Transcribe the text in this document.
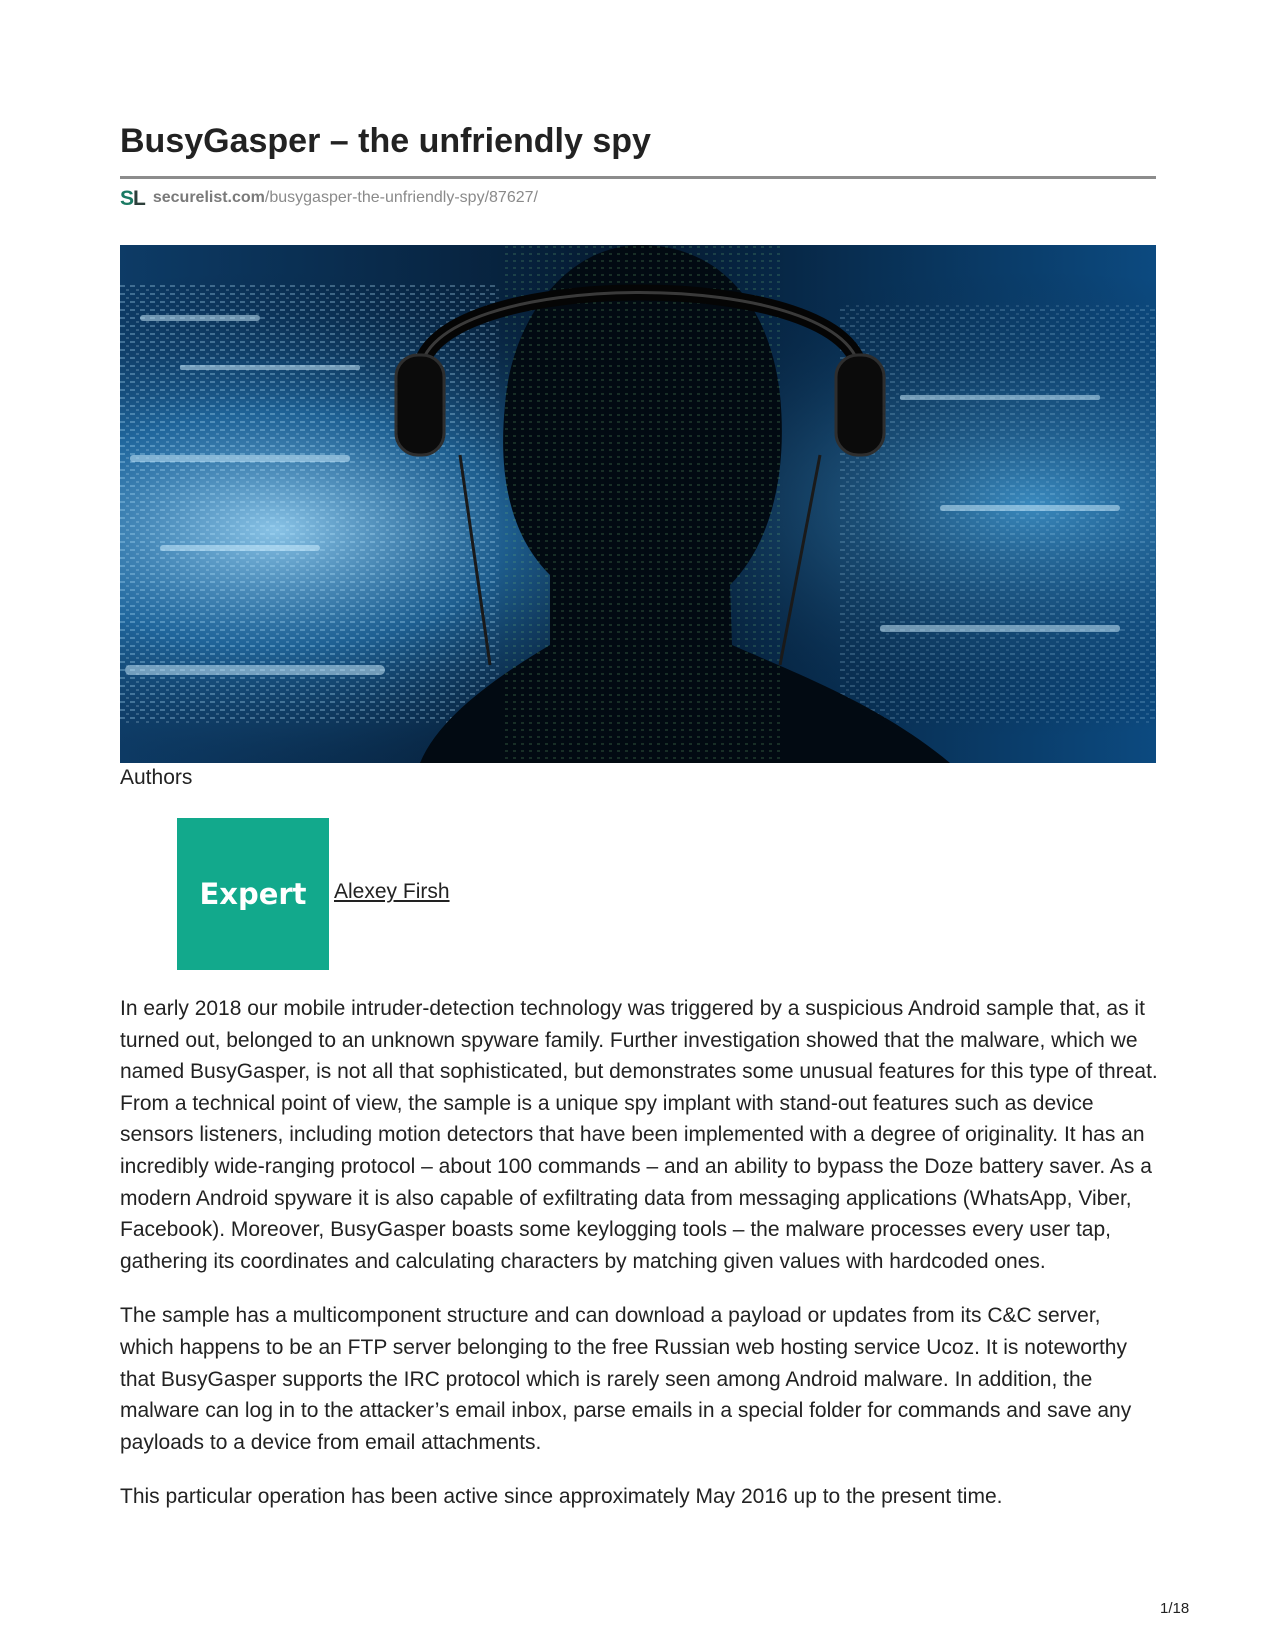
BusyGasper – the unfriendly spy
SL securelist.com /busygasper-the-unfriendly-spy/87627/
Authors
Expert Alexey Firsh

In early 2018 our mobile intruder-detection technology was triggered by a suspicious Android sample that, as it turned out, belonged to an unknown spyware family. Further investigation showed that the malware, which we named BusyGasper, is not all that sophisticated, but demonstrates some unusual features for this type of threat. From a technical point of view, the sample is a unique spy implant with stand-out features such as device sensors listeners, including motion detectors that have been implemented with a degree of originality. It has an incredibly wide-ranging protocol – about 100 commands – and an ability to bypass the Doze battery saver. As a modern Android spyware it is also capable of exfiltrating data from messaging applications (WhatsApp, Viber, Facebook). Moreover, BusyGasper boasts some keylogging tools – the malware processes every user tap, gathering its coordinates and calculating characters by matching given values with hardcoded ones.

The sample has a multicomponent structure and can download a payload or updates from its C&C server, which happens to be an FTP server belonging to the free Russian web hosting service Ucoz. It is noteworthy that BusyGasper supports the IRC protocol which is rarely seen among Android malware. In addition, the malware can log in to the attacker’s email inbox, parse emails in a special folder for commands and save any payloads to a device from email attachments.

This particular operation has been active since approximately May 2016 up to the present time.

1/18
